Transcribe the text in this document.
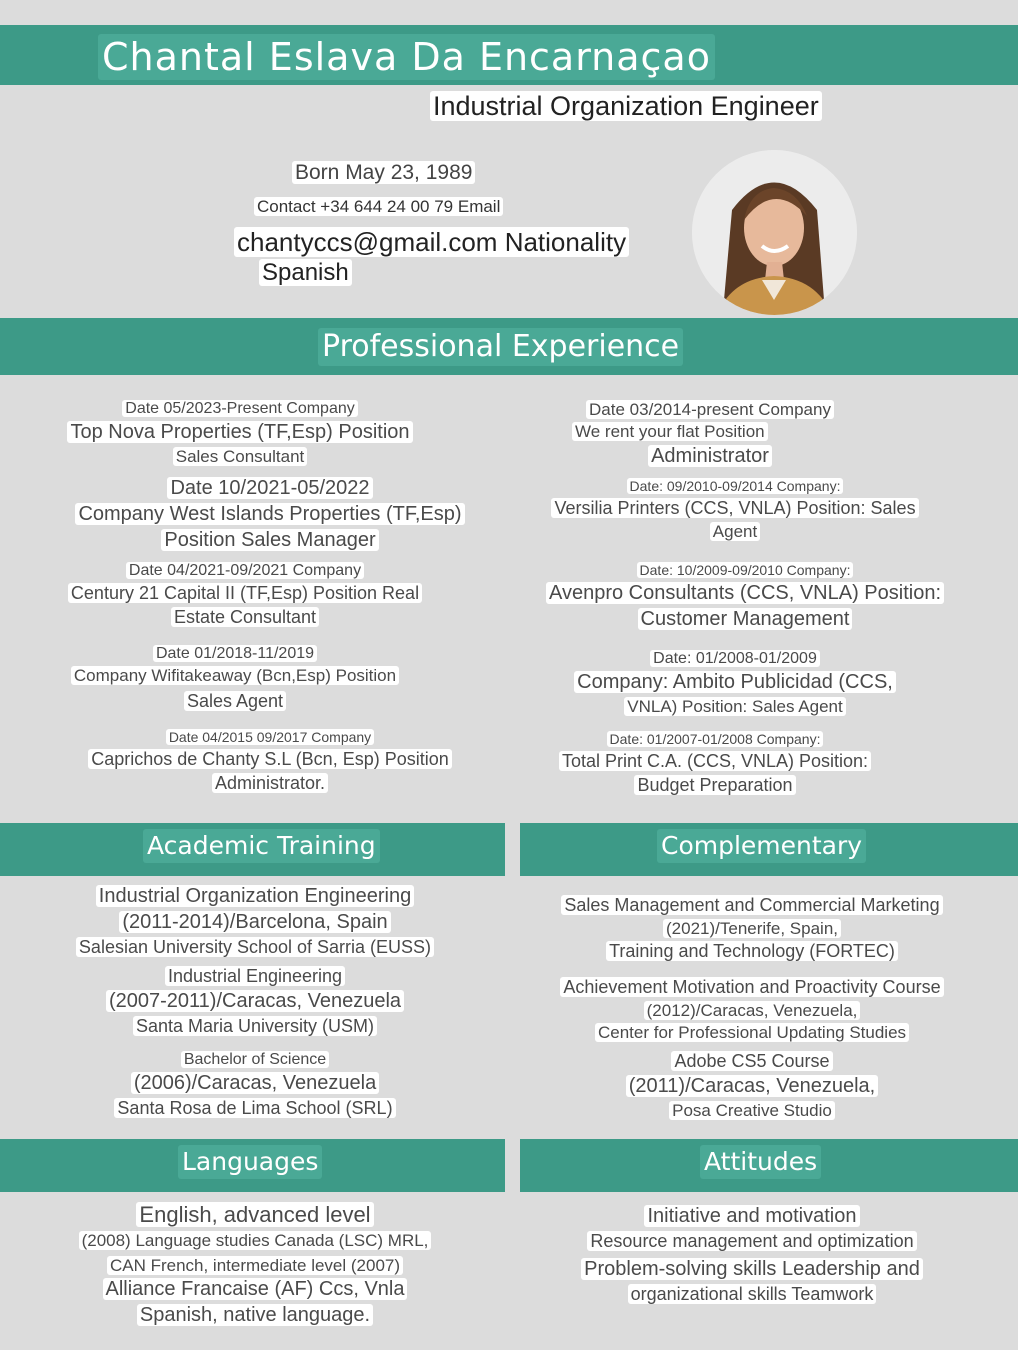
Chantal Eslava Da Encarnaçao
Industrial Organization Engineer
Born May 23, 1989
Contact +34 644 24 00 79 Email
chantyccs@gmail.com Nationality
Spanish
Professional Experience
Date 05/2023-Present Company
Top Nova Properties (TF,Esp) Position
Sales Consultant
Date 10/2021-05/2022
Company West Islands Properties (TF,Esp)
Position Sales Manager
Date 04/2021-09/2021 Company
Century 21 Capital II (TF,Esp) Position Real
Estate Consultant
Date 01/2018-11/2019
Company Wifitakeaway (Bcn,Esp) Position
Sales Agent
Date 04/2015 09/2017 Company
Caprichos de Chanty S.L (Bcn, Esp) Position
Administrator.
Date 03/2014-present Company
We rent your flat Position
Administrator
Date: 09/2010-09/2014 Company:
Versilia Printers (CCS, VNLA) Position: Sales
Agent
Date: 10/2009-09/2010 Company:
Avenpro Consultants (CCS, VNLA) Position:
Customer Management
Date: 01/2008-01/2009
Company: Ambito Publicidad (CCS,
VNLA) Position: Sales Agent
Date: 01/2007-01/2008 Company:
Total Print C.A. (CCS, VNLA) Position:
Budget Preparation
Academic Training	Complementary
Industrial Organization Engineering
(2011-2014)/Barcelona, Spain
Salesian University School of Sarria (EUSS)
Industrial Engineering
(2007-2011)/Caracas, Venezuela
Santa Maria University (USM)
Bachelor of Science
(2006)/Caracas, Venezuela
Santa Rosa de Lima School (SRL)
Sales Management and Commercial Marketing
(2021)/Tenerife, Spain,
Training and Technology (FORTEC)
Achievement Motivation and Proactivity Course
(2012)/Caracas, Venezuela,
Center for Professional Updating Studies
Adobe CS5 Course
(2011)/Caracas, Venezuela,
Posa Creative Studio
Languages	Attitudes
English, advanced level
(2008) Language studies Canada (LSC) MRL,
CAN French, intermediate level (2007)
Alliance Francaise (AF) Ccs, Vnla
Spanish, native language.
Initiative and motivation
Resource management and optimization
Problem-solving skills Leadership and
organizational skills Teamwork
